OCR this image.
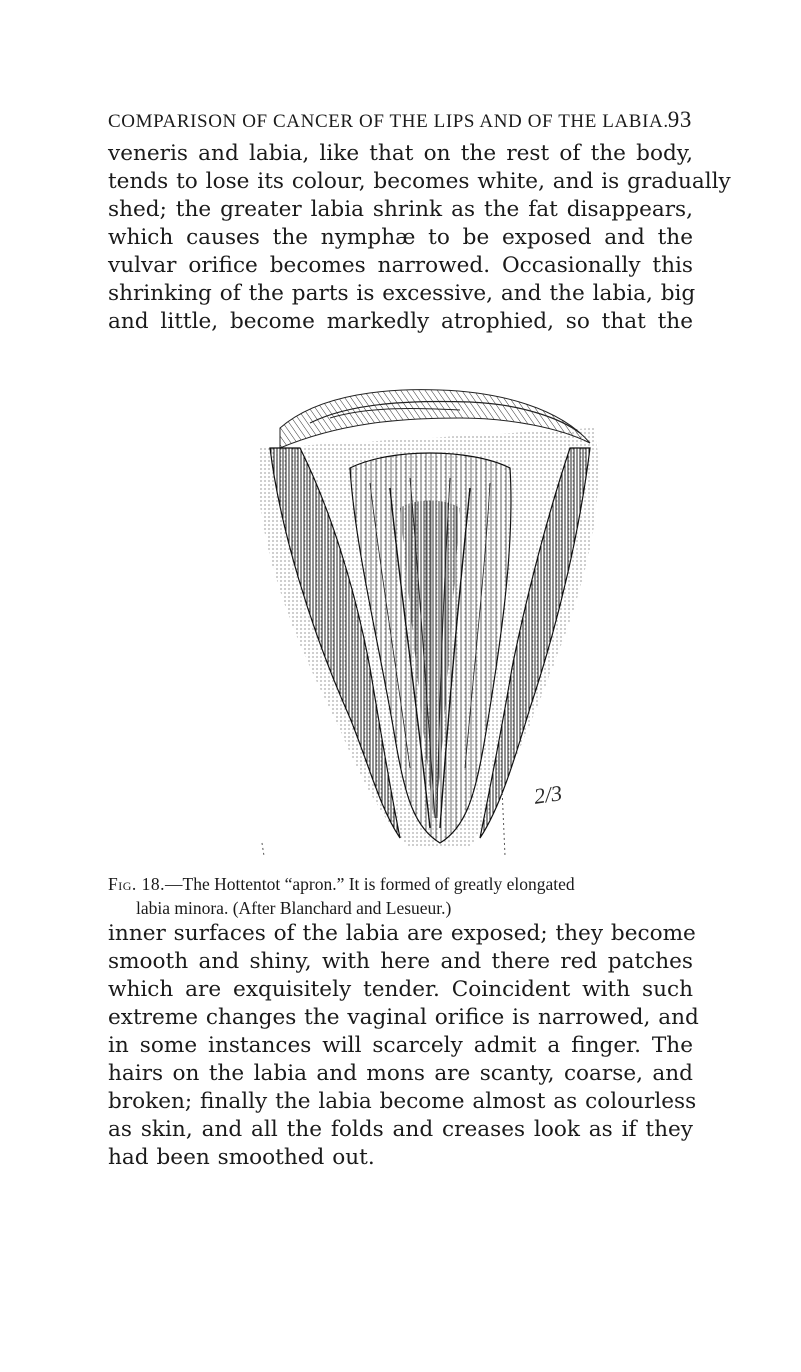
COMPARISON OF CANCER OF THE LIPS AND OF THE LABIA. 93
veneris and labia, like that on the rest of the body,
tends to lose its colour, becomes white, and is gradually
shed; the greater labia shrink as the fat disappears,
which causes the nymphæ to be exposed and the
vulvar orifice becomes narrowed. Occasionally this
shrinking of the parts is excessive, and the labia, big
and little, become markedly atrophied, so that the
2/3
Fig. 18.—The Hottentot “apron.” It is formed of greatly elongated
labia minora. (After Blanchard and Lesueur.)
inner surfaces of the labia are exposed; they become
smooth and shiny, with here and there red patches
which are exquisitely tender. Coincident with such
extreme changes the vaginal orifice is narrowed, and
in some instances will scarcely admit a finger. The
hairs on the labia and mons are scanty, coarse, and
broken; finally the labia become almost as colourless
as skin, and all the folds and creases look as if they
had been smoothed out.
